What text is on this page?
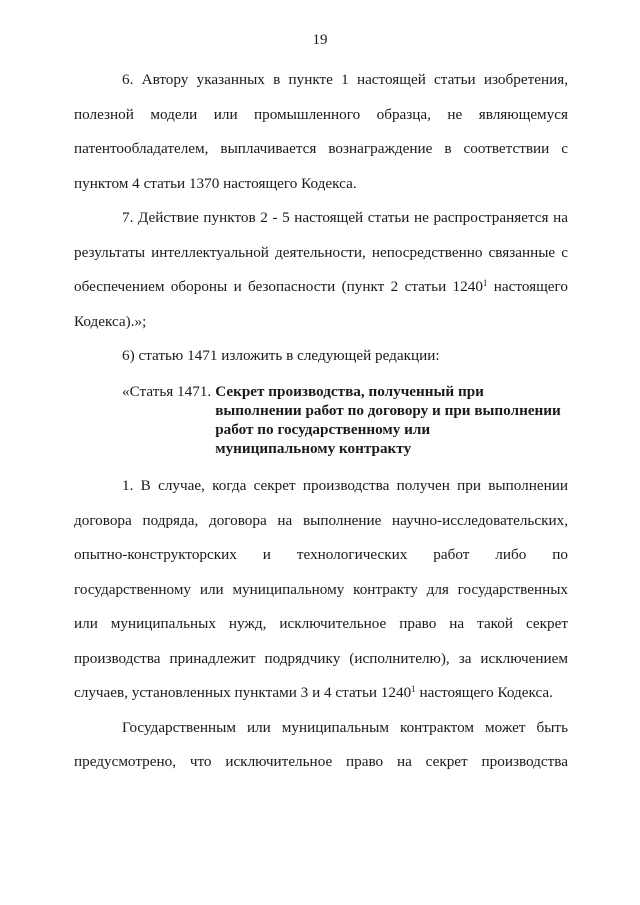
19

6. Автору указанных в пункте 1 настоящей статьи изобретения, полезной модели или промышленного образца, не являющемуся патентообладателем, выплачивается вознаграждение в соответствии с пунктом 4 статьи 1370 настоящего Кодекса.

7. Действие пунктов 2 - 5 настоящей статьи не распространяется на результаты интеллектуальной деятельности, непосредственно связанные с обеспечением обороны и безопасности (пункт 2 статьи 1240$^1$ настоящего Кодекса).»;

6) статью 1471 изложить в следующей редакции:

«Статья 1471. Секрет производства, полученный при
выполнении работ по договору и при выполнении
работ по государственному или
муниципальному контракту

1. В случае, когда секрет производства получен при выполнении договора подряда, договора на выполнение научно-исследовательских, опытно-конструкторских и технологических работ либо по государственному или муниципальному контракту для государственных или муниципальных нужд, исключительное право на такой секрет производства принадлежит подрядчику (исполнителю), за исключением случаев, установленных пунктами 3 и 4 статьи 1240$^1$ настоящего Кодекса.

Государственным или муниципальным контрактом может быть предусмотрено, что исключительное право на секрет производства
